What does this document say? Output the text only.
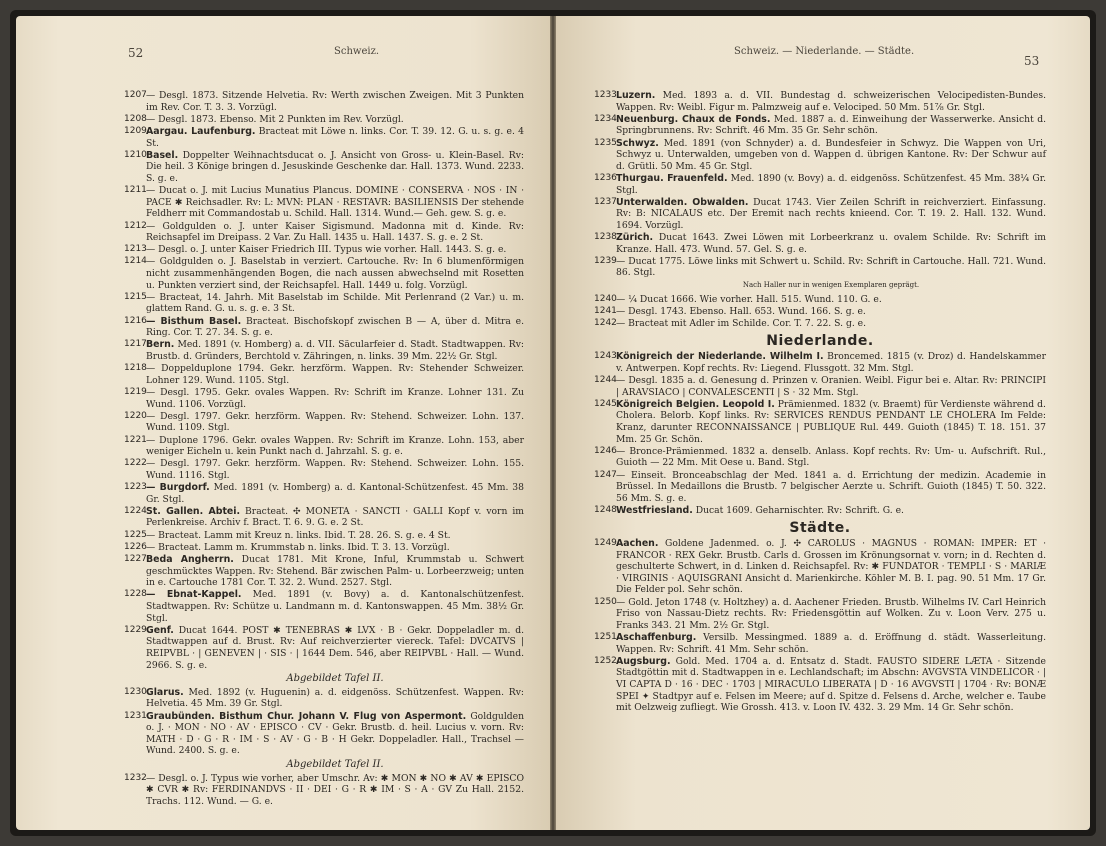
52	Schweiz.
1207 — Desgl. 1873. Sitzende Helvetia. Rv: Werth zwischen Zweigen. Mit 3 Punkten im Rev. Cor. T. 3. 3. Vorzügl.
1208 — Desgl. 1873. Ebenso. Mit 2 Punkten im Rev. Vorzügl.
1209 Aargau. Laufenburg. Bracteat mit Löwe n. links. Cor. T. 39. 12. G. u. s. g. e. 4 St.
1210 Basel. Doppelter Weihnachtsducat o. J. Ansicht von Gross- u. Klein-Basel. Rv: Die heil. 3 Könige bringen d. Jesuskinde Geschenke dar. Hall. 1373. Wund. 2233. S. g. e.
1211 — Ducat o. J. mit Lucius Munatius Plancus. DOMINE · CONSERVA · NOS · IN · PACE ✱ Reichsadler. Rv: L: MVN: PLAN · RESTAVR: BASILIENSIS Der stehende Feldherr mit Commandostab u. Schild. Hall. 1314. Wund.— Geh. gew. S. g. e.
1212 — Goldgulden o. J. unter Kaiser Sigismund. Madonna mit d. Kinde. Rv: Reichsapfel im Dreipass. 2 Var. Zu Hall. 1435 u. Hall. 1437. S. g. e. 2 St.
1213 — Desgl. o. J. unter Kaiser Friedrich III. Typus wie vorher. Hall. 1443. S. g. e.
1214 — Goldgulden o. J. Baselstab in verziert. Cartouche. Rv: In 6 blumenförmigen nicht zusammenhängenden Bogen, die nach aussen abwechselnd mit Rosetten u. Punkten verziert sind, der Reichsapfel. Hall. 1449 u. folg. Vorzügl.
1215 — Bracteat, 14. Jahrh. Mit Baselstab im Schilde. Mit Perlenrand (2 Var.) u. m. glattem Rand. G. u. s. g. e. 3 St.
1216 — Bisthum Basel. Bracteat. Bischofskopf zwischen B — A, über d. Mitra e. Ring. Cor. T. 27. 34. S. g. e.
1217 Bern. Med. 1891 (v. Homberg) a. d. VII. Säcularfeier d. Stadt. Stadtwappen. Rv: Brustb. d. Gründers, Berchtold v. Zähringen, n. links. 39 Mm. 22½ Gr. Stgl.
1218 — Doppelduplone 1794. Gekr. herzförm. Wappen. Rv: Stehender Schweizer. Lohner 129. Wund. 1105. Stgl.
1219 — Desgl. 1795. Gekr. ovales Wappen. Rv: Schrift im Kranze. Lohner 131. Zu Wund. 1106. Vorzügl.
1220 — Desgl. 1797. Gekr. herzförm. Wappen. Rv: Stehend. Schweizer. Lohn. 137. Wund. 1109. Stgl.
1221 — Duplone 1796. Gekr. ovales Wappen. Rv: Schrift im Kranze. Lohn. 153, aber weniger Eicheln u. kein Punkt nach d. Jahrzahl. S. g. e.
1222 — Desgl. 1797. Gekr. herzförm. Wappen. Rv: Stehend. Schweizer. Lohn. 155. Wund. 1116. Stgl.
1223 — Burgdorf. Med. 1891 (v. Homberg) a. d. Kantonal-Schützenfest. 45 Mm. 38 Gr. Stgl.
1224 St. Gallen. Abtei. Bracteat. ✣ MONETA · SANCTI · GALLI Kopf v. vorn im Perlenkreise. Archiv f. Bract. T. 6. 9. G. e. 2 St.
1225 — Bracteat. Lamm mit Kreuz n. links. Ibid. T. 28. 26. S. g. e. 4 St.
1226 — Bracteat. Lamm m. Krummstab n. links. Ibid. T. 3. 13. Vorzügl.
1227 Beda Angherrn. Ducat 1781. Mit Krone, Inful, Krummstab u. Schwert geschmücktes Wappen. Rv: Stehend. Bär zwischen Palm- u. Lorbeerzweig; unten in e. Cartouche 1781 Cor. T. 32. 2. Wund. 2527. Stgl.
1228 — Ebnat-Kappel. Med. 1891 (v. Bovy) a. d. Kantonalschützenfest. Stadtwappen. Rv: Schütze u. Landmann m. d. Kantonswappen. 45 Mm. 38½ Gr. Stgl.
1229 Genf. Ducat 1644. POST ✱ TENEBRAS ✱ LVX · B · Gekr. Doppeladler m. d. Stadtwappen auf d. Brust. Rv: Auf reichverzierter viereck. Tafel: DVCATVS | REIPVBL · | GENEVEN | · SIS · | 1644 Dem. 546, aber REIPVBL · Hall. — Wund. 2966. S. g. e.
Abgebildet Tafel II.
1230 Glarus. Med. 1892 (v. Huguenin) a. d. eidgenöss. Schützenfest. Wappen. Rv: Helvetia. 45 Mm. 39 Gr. Stgl.
1231 Graubünden. Bisthum Chur. Johann V. Flug von Aspermont. Goldgulden o. J. · MON · NO · AV · EPISCO · CV · Gekr. Brustb. d. heil. Lucius v. vorn. Rv: MATH · D · G · R · IM · S · AV · G · B · H Gekr. Doppeladler. Hall., Trachsel — Wund. 2400. S. g. e.
Abgebildet Tafel II.
1232 — Desgl. o. J. Typus wie vorher, aber Umschr. Av: ✱ MON ✱ NO ✱ AV ✱ EPISCO ✱ CVR ✱ Rv: FERDINANDVS · II · DEI · G · R ✱ IM · S · A · GV Zu Hall. 2152. Trachs. 112. Wund. — G. e.
Schweiz. — Niederlande. — Städte.
53
1233 Luzern. Med. 1893 a. d. VII. Bundestag d. schweizerischen Velocipedisten-Bundes. Wappen. Rv: Weibl. Figur m. Palmzweig auf e. Velociped. 50 Mm. 51⅞ Gr. Stgl.
1234 Neuenburg. Chaux de Fonds. Med. 1887 a. d. Einweihung der Wasserwerke. Ansicht d. Springbrunnens. Rv: Schrift. 46 Mm. 35 Gr. Sehr schön.
1235 Schwyz. Med. 1891 (von Schnyder) a. d. Bundesfeier in Schwyz. Die Wappen von Uri, Schwyz u. Unterwalden, umgeben von d. Wappen d. übrigen Kantone. Rv: Der Schwur auf d. Grütli. 50 Mm. 45 Gr. Stgl.
1236 Thurgau. Frauenfeld. Med. 1890 (v. Bovy) a. d. eidgenöss. Schützenfest. 45 Mm. 38¼ Gr. Stgl.
1237 Unterwalden. Obwalden. Ducat 1743. Vier Zeilen Schrift in reichverziert. Einfassung. Rv: B: NICALAUS etc. Der Eremit nach rechts knieend. Cor. T. 19. 2. Hall. 132. Wund. 1694. Vorzügl.
1238 Zürich. Ducat 1643. Zwei Löwen mit Lorbeerkranz u. ovalem Schilde. Rv: Schrift im Kranze. Hall. 473. Wund. 57. Gel. S. g. e.
1239 — Ducat 1775. Löwe links mit Schwert u. Schild. Rv: Schrift in Cartouche. Hall. 721. Wund. 86. Stgl.
Nach Haller nur in wenigen Exemplaren geprägt.
1240 — ¼ Ducat 1666. Wie vorher. Hall. 515. Wund. 110. G. e.
1241 — Desgl. 1743. Ebenso. Hall. 653. Wund. 166. S. g. e.
1242 — Bracteat mit Adler im Schilde. Cor. T. 7. 22. S. g. e.
Niederlande.
1243 Königreich der Niederlande. Wilhelm I. Broncemed. 1815 (v. Droz) d. Handelskammer v. Antwerpen. Kopf rechts. Rv: Liegend. Flussgott. 32 Mm. Stgl.
1244 — Desgl. 1835 a. d. Genesung d. Prinzen v. Oranien. Weibl. Figur bei e. Altar. Rv: PRINCIPI | ARAVSIACO | CONVALESCENTI | S · 32 Mm. Stgl.
1245 Königreich Belgien. Leopold I. Prämienmed. 1832 (v. Braemt) für Verdienste während d. Cholera. Belorb. Kopf links. Rv: SERVICES RENDUS PENDANT LE CHOLERA Im Felde: Kranz, darunter RECONNAISSANCE | PUBLIQUE Rul. 449. Guioth (1845) T. 18. 151. 37 Mm. 25 Gr. Schön.
1246 — Bronce-Prämienmed. 1832 a. denselb. Anlass. Kopf rechts. Rv: Um- u. Aufschrift. Rul., Guioth — 22 Mm. Mit Oese u. Band. Stgl.
1247 — Einseit. Bronceabschlag der Med. 1841 a. d. Errichtung der medizin. Academie in Brüssel. In Medaillons die Brustb. 7 belgischer Aerzte u. Schrift. Guioth (1845) T. 50. 322. 56 Mm. S. g. e.
1248 Westfriesland. Ducat 1609. Geharnischter. Rv: Schrift. G. e.
Städte.
1249 Aachen. Goldene Jadenmed. o. J. ✣ CAROLUS · MAGNUS · ROMAN: IMPER: ET · FRANCOR · REX Gekr. Brustb. Carls d. Grossen im Krönungsornat v. vorn; in d. Rechten d. geschulterte Schwert, in d. Linken d. Reichsapfel. Rv: ✱ FUNDATOR · TEMPLI · S · MARIÆ · VIRGINIS · AQUISGRANI Ansicht d. Marienkirche. Köhler M. B. I. pag. 90. 51 Mm. 17 Gr. Die Felder pol. Sehr schön.
1250 — Gold. Jeton 1748 (v. Holtzhey) a. d. Aachener Frieden. Brustb. Wilhelms IV. Carl Heinrich Friso von Nassau-Dietz rechts. Rv: Friedensgöttin auf Wolken. Zu v. Loon Verv. 275 u. Franks 343. 21 Mm. 2½ Gr. Stgl.
1251 Aschaffenburg. Versilb. Messingmed. 1889 a. d. Eröffnung d. städt. Wasserleitung. Wappen. Rv: Schrift. 41 Mm. Sehr schön.
1252 Augsburg. Gold. Med. 1704 a. d. Entsatz d. Stadt. FAUSTO SIDERE LÆTA · Sitzende Stadtgöttin mit d. Stadtwappen in e. Lechlandschaft; im Abschn: AVGVSTA VINDELICOR · | VI CAPTA D · 16 · DEC · 1703 | MIRACULO LIBERATA | D · 16 AVGVSTI | 1704 · Rv: BONÆ SPEI ✦ Stadtpyr auf e. Felsen im Meere; auf d. Spitze d. Felsens d. Arche, welcher e. Taube mit Oelzweig zufliegt. Wie Grossh. 413. v. Loon IV. 432. 3. 29 Mm. 14 Gr. Sehr schön.
